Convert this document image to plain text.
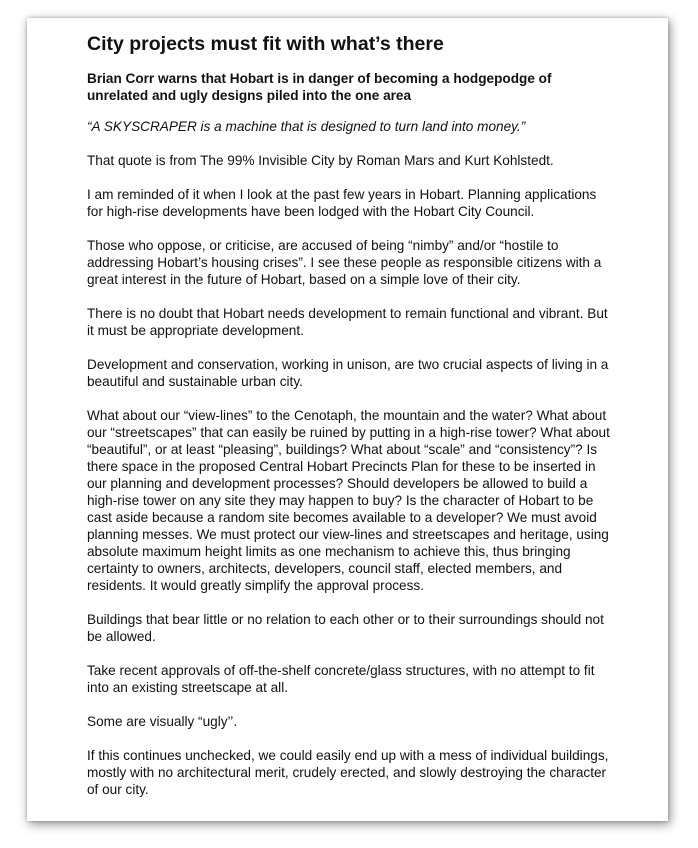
City projects must fit with what’s there
Brian Corr warns that Hobart is in danger of becoming a hodgepodge of unrelated and ugly designs piled into the one area

“A SKYSCRAPER is a machine that is designed to turn land into money.”

That quote is from The 99% Invisible City by Roman Mars and Kurt Kohlstedt.

I am reminded of it when I look at the past few years in Hobart. Planning applications for high-rise developments have been lodged with the Hobart City Council.

Those who oppose, or criticise, are accused of being “nimby” and/or “hostile to addressing Hobart’s housing crises”. I see these people as responsible citizens with a great interest in the future of Hobart, based on a simple love of their city.

There is no doubt that Hobart needs development to remain functional and vibrant. But it must be appropriate development.

Development and conservation, working in unison, are two crucial aspects of living in a beautiful and sustainable urban city.

What about our “view-lines” to the Cenotaph, the mountain and the water? What about our “streetscapes” that can easily be ruined by putting in a high-rise tower? What about “beautiful”, or at least “pleasing”, buildings? What about “scale” and “consistency”? Is there space in the proposed Central Hobart Precincts Plan for these to be inserted in our planning and development processes? Should developers be allowed to build a high-rise tower on any site they may happen to buy? Is the character of Hobart to be cast aside because a random site becomes available to a developer? We must avoid planning messes. We must protect our view-lines and streetscapes and heritage, using absolute maximum height limits as one mechanism to achieve this, thus bringing certainty to owners, architects, developers, council staff, elected members, and residents. It would greatly simplify the approval process.

Buildings that bear little or no relation to each other or to their surroundings should not be allowed.

Take recent approvals of off-the-shelf concrete/glass structures, with no attempt to fit into an existing streetscape at all.

Some are visually “ugly’’.

If this continues unchecked, we could easily end up with a mess of individual buildings, mostly with no architectural merit, crudely erected, and slowly destroying the character of our city.
